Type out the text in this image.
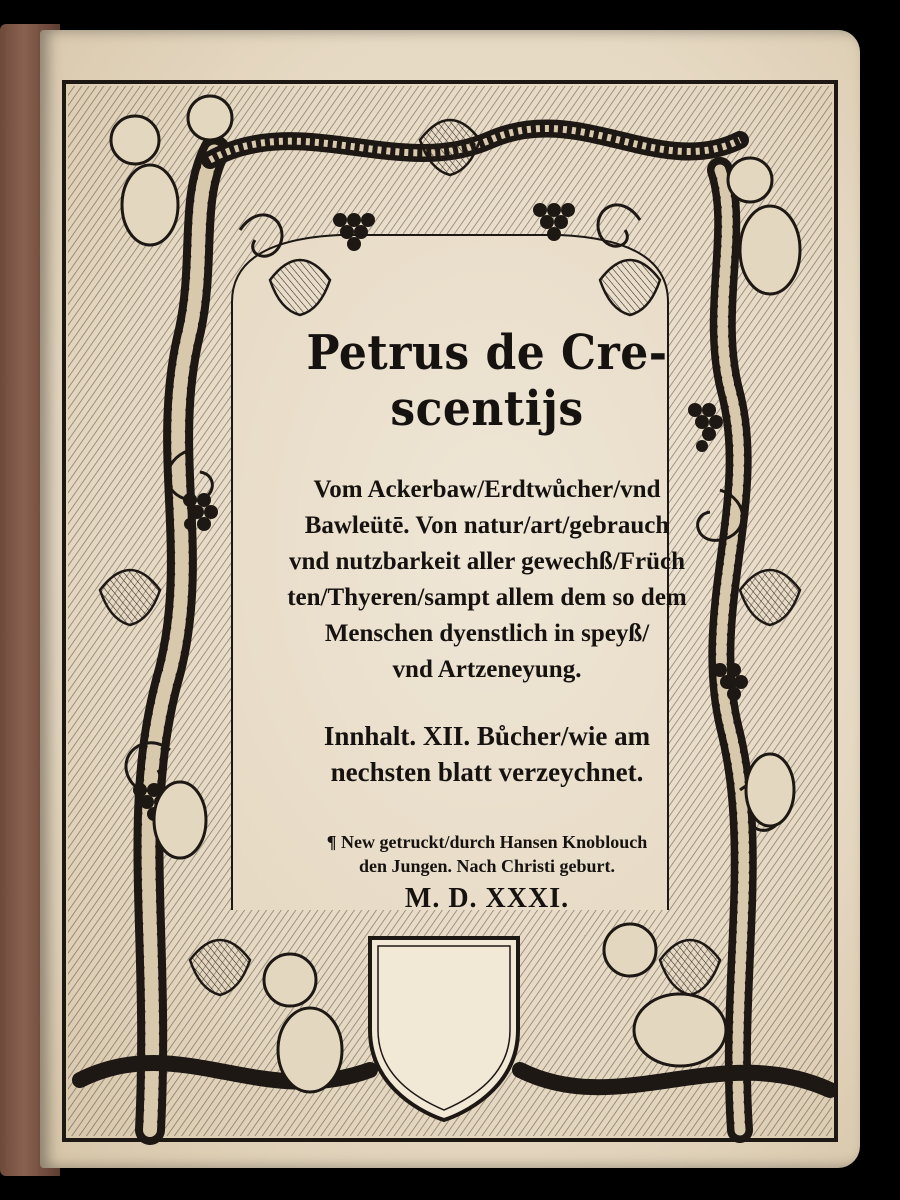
Petrus de Cre-
scentijs
Vom Ackerbaw/Erdtwůcher/vnd
Bawleütē. Von natur/art/gebrauch
vnd nutzbarkeit aller gewechß/Früch
ten/Thyeren/sampt allem dem so dem
Menschen dyenstlich in speyß/
vnd Artzeneyung.
Innhalt. XII. Bůcher/wie am
nechsten blatt verzeychnet.
¶ New getruckt/durch Hansen Knoblouch
den Jungen. Nach Christi geburt.
M. D. XXXI.
